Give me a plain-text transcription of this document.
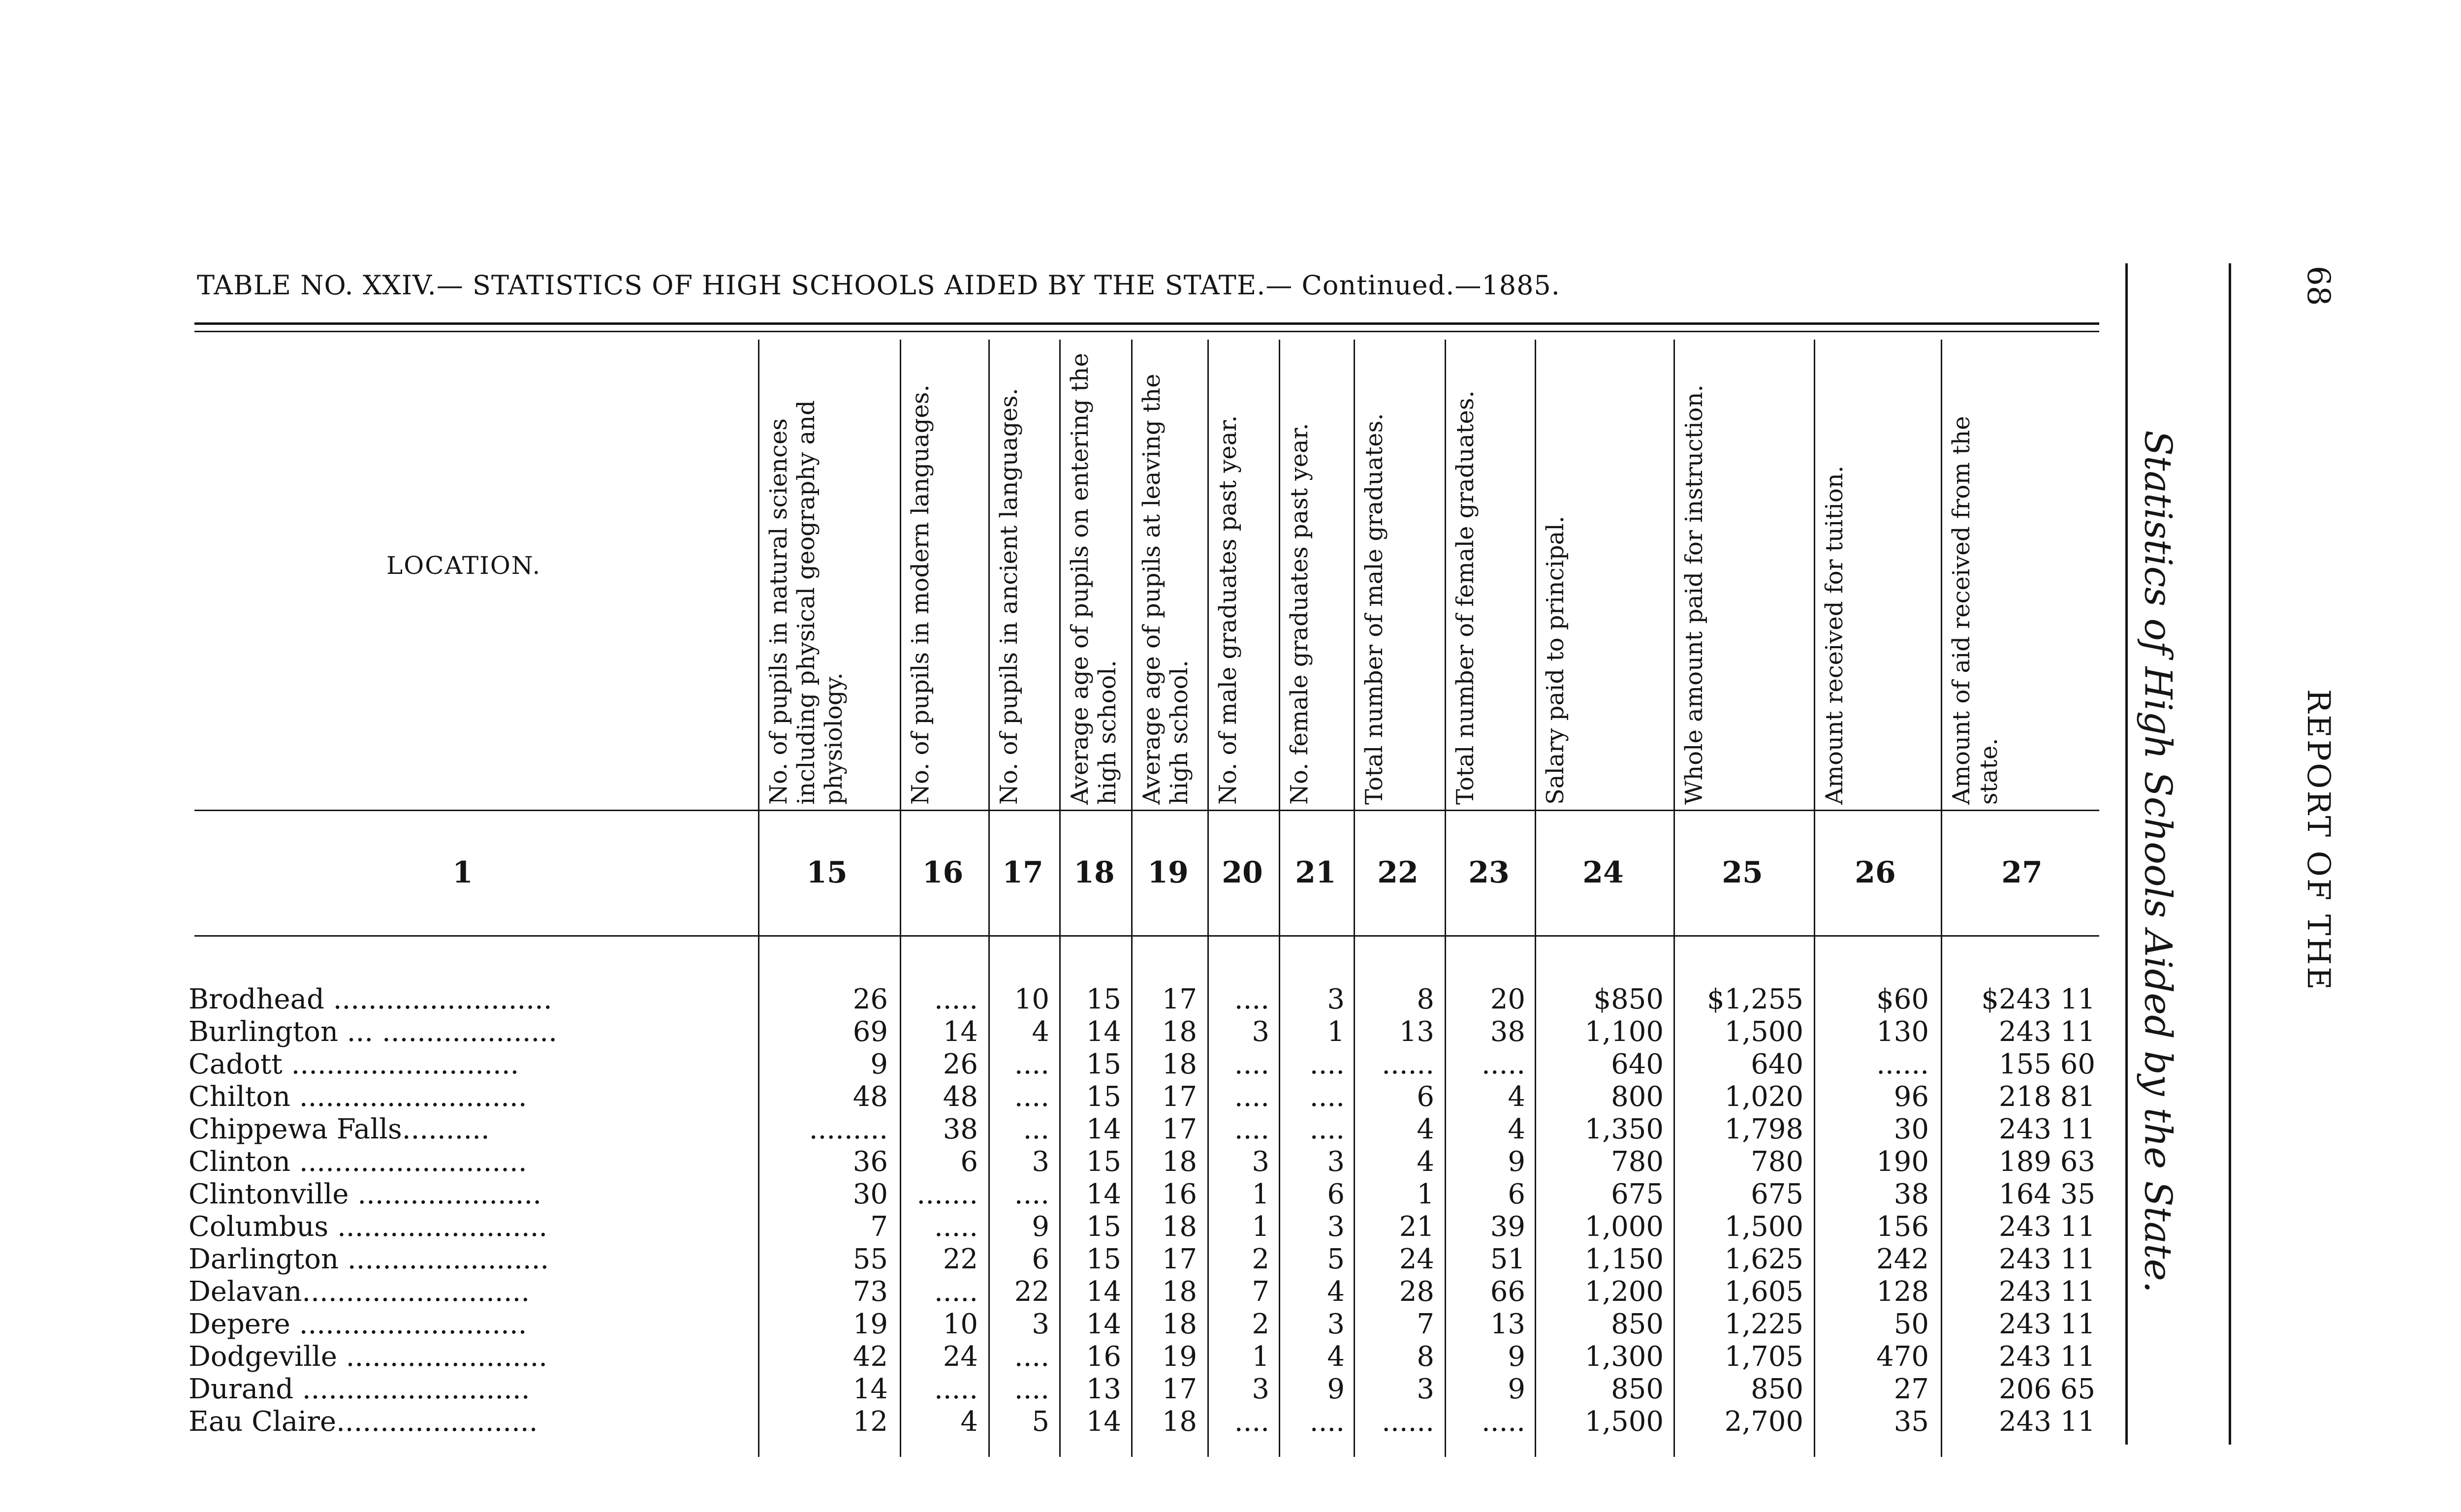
TABLE NO. XXIV.— STATISTICS OF HIGH SCHOOLS AIDED BY THE STATE.— Continued.—1885.
LOCATION.
1
No. of pupils in natural sciences including physical geography and physiology.
15
No. of pupils in modern languages.
16
No. of pupils in ancient languages.
17
Average age of pupils on entering the high school.
18
Average age of pupils at leaving the high school.
19
No. of male graduates past year.
20
No. female graduates past year.
21
Total number of male graduates.
22
Total number of female graduates.
23
Salary paid to principal.
24
Whole amount paid for instruction.
25
Amount received for tuition.
26
Amount of aid received from the state.
27
Brodhead .........................	26	.....	10	15	17	....	3	8	20	$850	$1,255	$60	$243 11
Burlington ... ....................	69	14	4	14	18	3	1	13	38	1,100	1,500	130	243 11
Cadott ..........................	9	26	....	15	18	....	....	......	.....	640	640	......	155 60
Chilton ..........................	48	48	....	15	17	....	....	6	4	800	1,020	96	218 81
Chippewa Falls..........	.........	38	...	14	17	....	....	4	4	1,350	1,798	30	243 11
Clinton ..........................	36	6	3	15	18	3	3	4	9	780	780	190	189 63
Clintonville .....................	30	.......	....	14	16	1	6	1	6	675	675	38	164 35
Columbus ........................	7	.....	9	15	18	1	3	21	39	1,000	1,500	156	243 11
Darlington .......................	55	22	6	15	17	2	5	24	51	1,150	1,625	242	243 11
Delavan..........................	73	.....	22	14	18	7	4	28	66	1,200	1,605	128	243 11
Depere ..........................	19	10	3	14	18	2	3	7	13	850	1,225	50	243 11
Dodgeville .......................	42	24	....	16	19	1	4	8	9	1,300	1,705	470	243 11
Durand ..........................	14	.....	....	13	17	3	9	3	9	850	850	27	206 65
Eau Claire.......................	12	4	5	14	18	....	....	......	.....	1,500	2,700	35	243 11
Statistics of High Schools Aided by the State.	REPORT OF THE
68
